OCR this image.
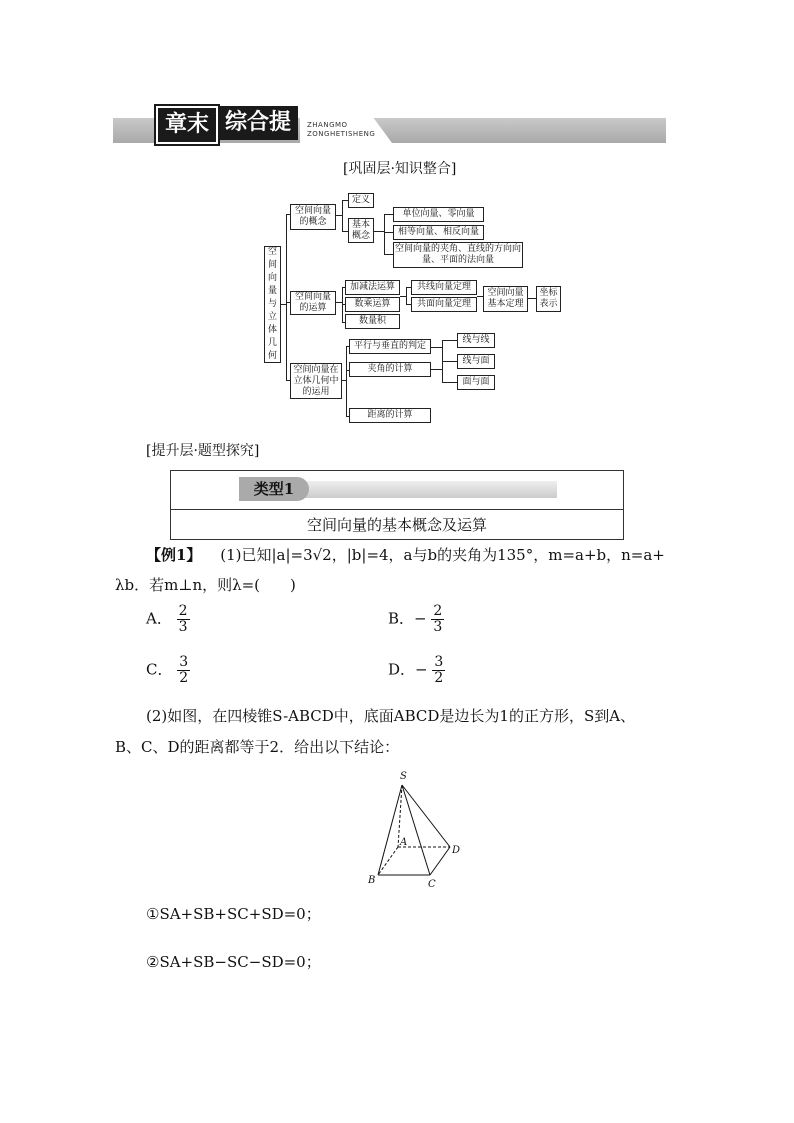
章末 综合提升
ZHANGMO
ZONGHETISHENG
[巩固层·知识整合]
空间向量与立体几何
空间向量的概念
定义
基本概念
单位向量、零向量
相等向量、相反向量
空间向量的夹角、直线的方向向量、平面的法向量
空间向量的运算
加减法运算
数乘运算
数量积
共线向量定理
共面向量定理
空间向量基本定理
坐标表示
空间向量在立体几何中的运用
平行与垂直的判定
夹角的计算
距离的计算
线与线
线与面
面与面
[提升层·题型探究]
类型1
空间向量的基本概念及运算
【例1】 (1)已知|a|=3√2，|b|=4，a与b的夹角为135°，m=a+b，n=a+
λb．若m⊥n，则λ=(　　)
A． $\frac{2}{3}$	B．− $\frac{2}{3}$
C． $\frac{3}{2}$	D．− $\frac{3}{2}$
(2)如图，在四棱锥S-ABCD中，底面ABCD是边长为1的正方形，S到A、
B、C、D的距离都等于2．给出以下结论：
S
A
B	C
D
①SA+SB+SC+SD=0；
②SA+SB−SC−SD=0；
